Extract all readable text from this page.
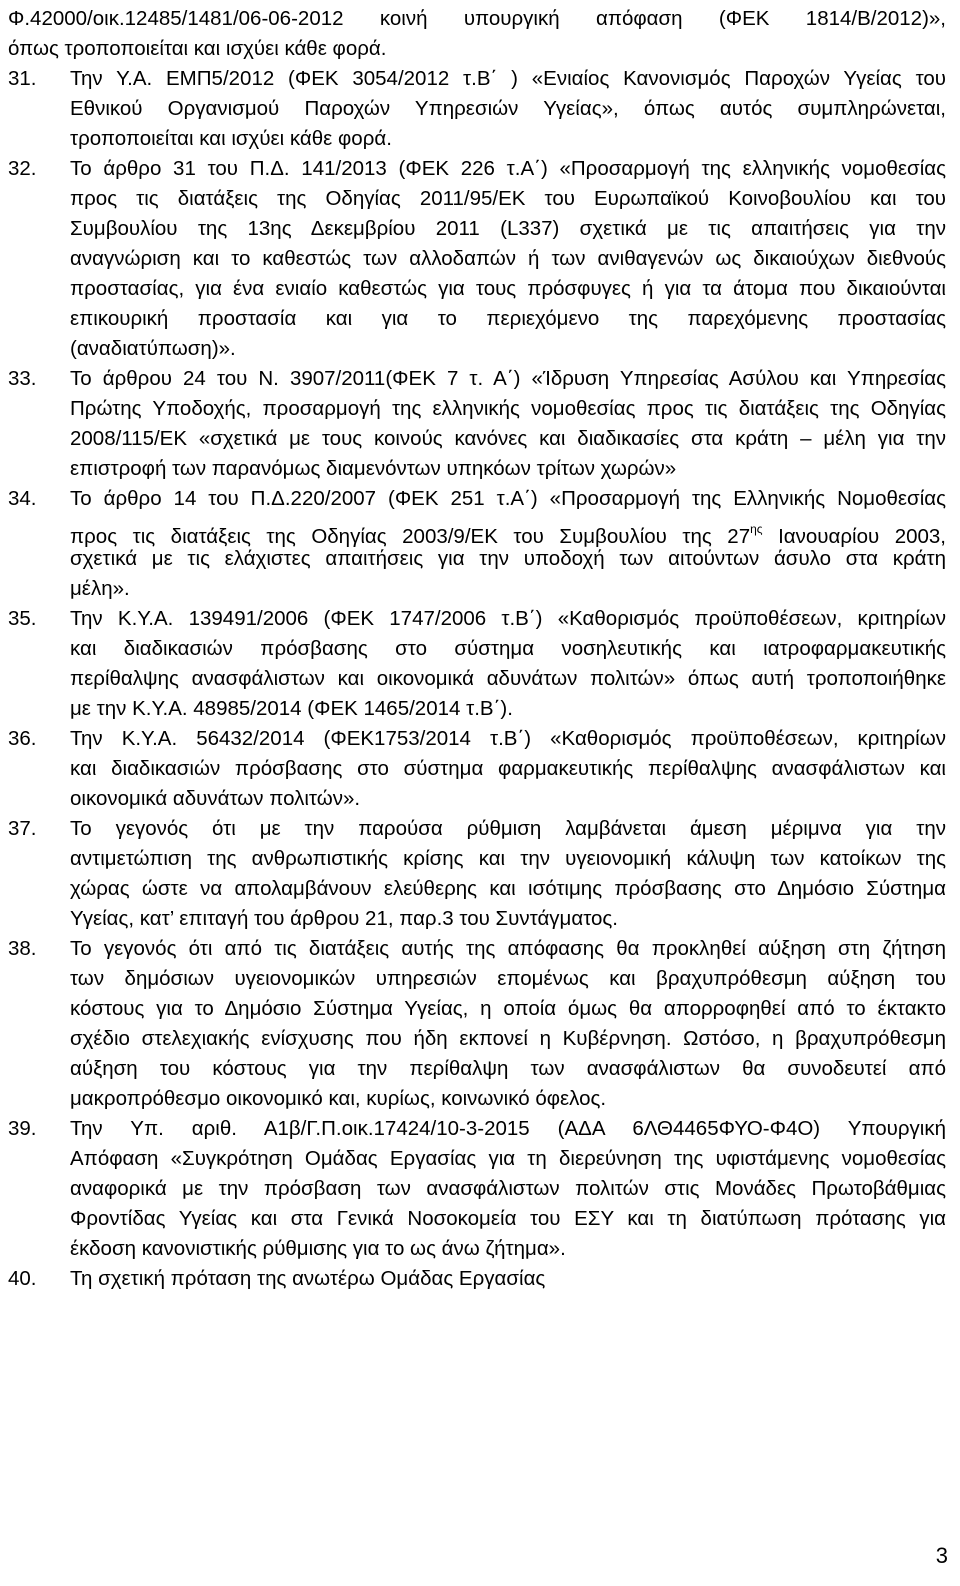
Φ.42000/οικ.12485/1481/06-06-2012 κοινή υπουργική απόφαση (ΦΕΚ 1814/Β/2012)»,
όπως τροποποιείται και ισχύει κάθε φορά.
31. Την Υ.Α. ΕΜΠ5/2012 (ΦΕΚ 3054/2012 τ.Β΄ ) «Ενιαίος Κανονισμός Παροχών Υγείας του
Εθνικού Οργανισμού Παροχών Υπηρεσιών Υγείας», όπως αυτός συμπληρώνεται,
τροποποιείται και ισχύει κάθε φορά.
32. Το άρθρο 31 του Π.Δ. 141/2013 (ΦΕΚ 226 τ.Α΄) «Προσαρμογή της ελληνικής νομοθεσίας
προς τις διατάξεις της Οδηγίας 2011/95/ΕΚ του Ευρωπαϊκού Κοινοβουλίου και του
Συμβουλίου της 13ης Δεκεμβρίου 2011 (L337) σχετικά με τις απαιτήσεις για την
αναγνώριση και το καθεστώς των αλλοδαπών ή των ανιθαγενών ως δικαιούχων διεθνούς
προστασίας, για ένα ενιαίο καθεστώς για τους πρόσφυγες ή για τα άτομα που δικαιούνται
επικουρική προστασία και για το περιεχόμενο της παρεχόμενης προστασίας
(αναδιατύπωση)».
33. Το άρθρου 24 του Ν. 3907/2011(ΦΕΚ 7 τ. Α΄) «Ίδρυση Υπηρεσίας Ασύλου και Υπηρεσίας
Πρώτης Υποδοχής, προσαρμογή της ελληνικής νομοθεσίας προς τις διατάξεις της Οδηγίας
2008/115/ΕΚ «σχετικά με τους κοινούς κανόνες και διαδικασίες στα κράτη – μέλη για την
επιστροφή των παρανόμως διαμενόντων υπηκόων τρίτων χωρών»
34. Το άρθρο 14 του Π.Δ.220/2007 (ΦΕΚ 251 τ.Α΄) «Προσαρμογή της Ελληνικής Νομοθεσίας
προς τις διατάξεις της Οδηγίας 2003/9/ΕΚ του Συμβουλίου της $27^{\eta\varsigma}$ Ιανουαρίου 2003,
σχετικά με τις ελάχιστες απαιτήσεις για την υποδοχή των αιτούντων άσυλο στα κράτη
μέλη».
35. Την Κ.Υ.Α. 139491/2006 (ΦΕΚ 1747/2006 τ.Β΄) «Καθορισμός προϋποθέσεων, κριτηρίων
και διαδικασιών πρόσβασης στο σύστημα νοσηλευτικής και ιατροφαρμακευτικής
περίθαλψης ανασφάλιστων και οικονομικά αδυνάτων πολιτών» όπως αυτή τροποποιήθηκε
με την Κ.Υ.Α. 48985/2014 (ΦΕΚ 1465/2014 τ.Β΄).
36. Την Κ.Υ.Α. 56432/2014 (ΦΕΚ1753/2014 τ.Β΄) «Καθορισμός προϋποθέσεων, κριτηρίων
και διαδικασιών πρόσβασης στο σύστημα φαρμακευτικής περίθαλψης ανασφάλιστων και
οικονομικά αδυνάτων πολιτών».
37. Το γεγονός ότι με την παρούσα ρύθμιση λαμβάνεται άμεση μέριμνα για την
αντιμετώπιση της ανθρωπιστικής κρίσης και την υγειονομική κάλυψη των κατοίκων της
χώρας ώστε να απολαμβάνουν ελεύθερης και ισότιμης πρόσβασης στο Δημόσιο Σύστημα
Υγείας, κατ’ επιταγή του άρθρου 21, παρ.3 του Συντάγματος.
38. Το γεγονός ότι από τις διατάξεις αυτής της απόφασης θα προκληθεί αύξηση στη ζήτηση
των δημόσιων υγειονομικών υπηρεσιών επομένως και βραχυπρόθεσμη αύξηση του
κόστους για το Δημόσιο Σύστημα Υγείας, η οποία όμως θα απορροφηθεί από το έκτακτο
σχέδιο στελεχιακής ενίσχυσης που ήδη εκπονεί η Κυβέρνηση. Ωστόσο, η βραχυπρόθεσμη
αύξηση του κόστους για την περίθαλψη των ανασφάλιστων θα συνοδευτεί από
μακροπρόθεσμο οικονομικό και, κυρίως, κοινωνικό όφελος.
39. Την Υπ. αριθ. Α1β/Γ.Π.οικ.17424/10-3-2015 (ΑΔΑ 6ΛΘ4465ΦΥΟ-Φ4Ο) Υπουργική
Απόφαση «Συγκρότηση Ομάδας Εργασίας για τη διερεύνηση της υφιστάμενης νομοθεσίας
αναφορικά με την πρόσβαση των ανασφάλιστων πολιτών στις Μονάδες Πρωτοβάθμιας
Φροντίδας Υγείας και στα Γενικά Νοσοκομεία του ΕΣΥ και τη διατύπωση πρότασης για
έκδοση κανονιστικής ρύθμισης για το ως άνω ζήτημα».
40. Τη σχετική πρόταση της ανωτέρω Ομάδας Εργασίας
3
